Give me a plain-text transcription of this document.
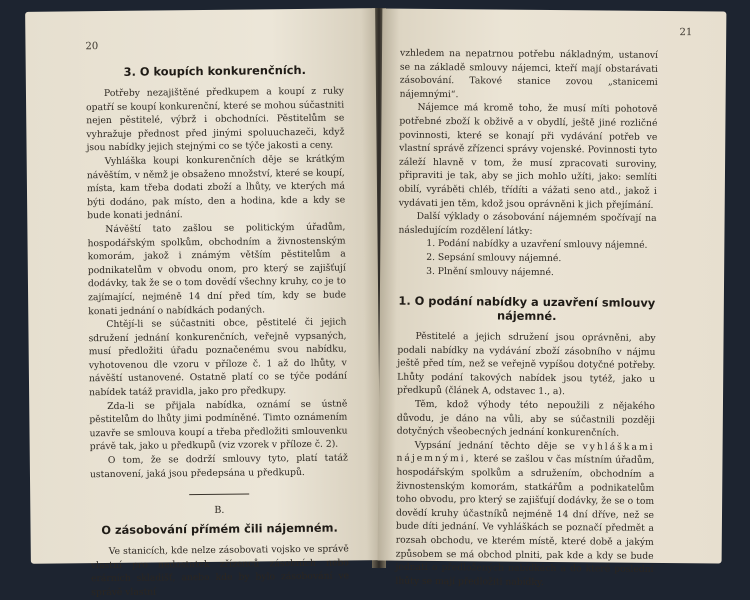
20
3. O koupích konkurenčních.

Potřeby nezajištěné předkupem a koupí z ruky opatří se koupí konkurenční, které se mohou súčastniti nejen pěstitelé, výbrž i obchodníci. Pěstitelům se vyhražuje přednost před jinými spoluuchazeči, když jsou nabídky jejich stejnými co se týče jakosti a ceny.

Vyhláška koupi konkurenčních děje se krátkým návěštím, v němž je obsaženo množství, které se koupí, místa, kam třeba dodati zboží a lhůty, ve kterých má býti dodáno, pak místo, den a hodina, kde a kdy se bude konati jednání.

Návěští tato zašlou se politickým úřadům, hospodářským spolkům, obchodním a živnostenským komorám, jakož i známým větším pěstitelům a podnikatelům v obvodu onom, pro který se zajišťují dodávky, tak že se o tom dovědí všechny kruhy, co je to zajímající, nejméně 14 dní před tím, kdy se bude konati jednání o nabídkách podaných.

Chtějí-li se súčastniti obce, pěstitelé či jejich sdružení jednání konkurenčních, veřejně vypsaných, musí předložiti úřadu poznačenému svou nabídku, vyhotovenou dle vzoru v příloze č. 1 až do lhůty, v návěští ustanovené. Ostatně platí co se týče podání nabídek tatáž pravidla, jako pro předkupy.

Zda-li se přijala nabídka, oznámí se ústně pěstitelům do lhůty jimi podmíněné. Timto oznámením uzavře se smlouva koupí a třeba předložiti smlouvenku právě tak, jako u předkupů (viz vzorek v příloze č. 2).

O tom, že se dodrží smlouvy tyto, platí tatáž ustanovení, jaká jsou předepsána u předkupů.

B.
O zásobování přímém čili nájemném.

Ve stanicích, kde nelze zásobovati vojsko ve správě vlastní pro nedostatek zřízenců zásobních nebo erárních skladišť, anebo kde by bylo zásobování ve správě vlastní

21

vzhledem na nepatrnou potřebu nákladným, ustanoví se na základě smlouvy nájemci, kteří mají obstarávati zásobování. Takové stanice zovou „stanicemi nájemnými“.

Nájemce má kromě toho, že musí míti pohotově potřebné zboží k obživě a v obydlí, ještě jiné rozličné povinnosti, které se konají při vydávání potřeb ve vlastní správě zřízenci správy vojenské. Povinnosti tyto záleží hlavně v tom, že musí zpracovati suroviny, připraviti je tak, aby se jich mohlo užíti, jako: semlíti obilí, vyráběti chléb, třídíti a vážati seno atd., jakož i vydávati jen těm, kdož jsou oprávněni k jich přejímání.

Další výklady o zásobování nájemném spočívají na následujícím rozdělení látky:

1. Podání nabídky a uzavření smlouvy nájemné.
2. Sepsání smlouvy nájemné.
3. Plnění smlouvy nájemné.
1. O podání nabídky a uzavření smlouvy nájemné.

Pěstitelé a jejich sdružení jsou oprávněni, aby podali nabídky na vydávání zboží zásobního v nájmu ještě před tím, než se veřejně vypíšou dotyčné potřeby. Lhůty podání takových nabídek jsou tytéž, jako u předkupů (článek A, odstavec 1., a).

Těm, kdož výhody této nepoužili z nějakého důvodu, je dáno na vůli, aby se súčastnili později dotyčných všeobecných jednání konkurenčních.

Vypsání jednání těchto děje se vyhláškami nájemnými, které se zašlou v čas místním úřadům, hospodářským spolkům a sdružením, obchodním a živnostenským komorám, statkářům a podnikatelům toho obvodu, pro který se zajišťují dodávky, že se o tom dovědí kruhy účastníků nejméně 14 dní dříve, než se bude díti jednání. Ve vyhláškách se poznačí předmět a rozsah obchodu, ve kterém místě, které době a jakým způsobem se má obchod plniti, pak kde a kdy se bude jednati o předložených nabídkách a do které poslední lhůty se mají předložiti nabídky.
